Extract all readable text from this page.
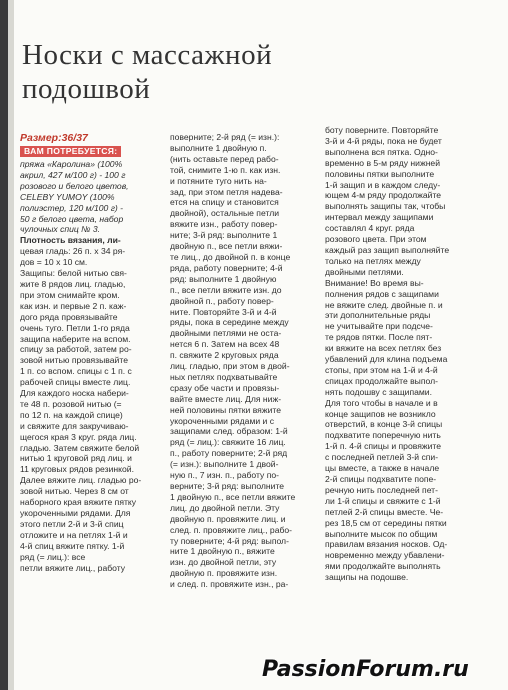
Носки с массажной
подошвой
Размер:36/37
ВАМ ПОТРЕБУЕТСЯ:
пряжа «Каролина» (100%
акрил, 427 м/100 г) - 100 г
розового и белого цветов,
CELEBY YUMOY (100%
полиэстер, 120 м/100 г) -
50 г белого цвета, набор
чулочных спиц № 3.
Плотность вязания, ли-
цевая гладь: 26 п. х 34 ря-
дов = 10 х 10 см.
Защипы: белой нитью свя-
жите 8 рядов лиц. гладью,
при этом снимайте кром.
как изн. и первые 2 п. каж-
дого ряда провязывайте
очень туго. Петли 1-го ряда
защипа наберите на вспом.
спицу за работой, затем ро-
зовой нитью провязывайте
1 п. со вспом. спицы с 1 п. с
рабочей спицы вместе лиц.
Для каждого носка набери-
те 48 п. розовой нитью (=
по 12 п. на каждой спице)
и свяжите для закручиваю-
щегося края 3 круг. ряда лиц.
гладью. Затем свяжите белой
нитью 1 круговой ряд лиц. и
11 круговых рядов резинкой.
Далее вяжите лиц. гладью ро-
зовой нитью. Через 8 см от
наборного края вяжите пятку
укороченными рядами. Для
этого петли 2-й и 3-й спиц
отложите и на петлях 1-й и
4-й спиц вяжите пятку. 1-й
ряд (= лиц.): все
петли вяжите лиц., работу
поверните; 2-й ряд (= изн.):
выполните 1 двойную п.
(нить оставьте перед рабо-
той, снимите 1-ю п. как изн.
и потяните туго нить на-
зад, при этом петля надева-
ется на спицу и становится
двойной), остальные петли
вяжите изн., работу повер-
ните; 3-й ряд: выполните 1
двойную п., все петли вяжи-
те лиц., до двойной п. в конце
ряда, работу поверните; 4-й
ряд: выполните 1 двойную
п., все петли вяжите изн. до
двойной п., работу повер-
ните. Повторяйте 3-й и 4-й
ряды, пока в середине между
двойными петлями не оста-
нется 6 п. Затем на всех 48
п. свяжите 2 круговых ряда
лиц. гладью, при этом в двой-
ных петлях подхватывайте
сразу обе части и провязы-
вайте вместе лиц. Для ниж-
ней половины пятки вяжите
укороченными рядами и с
защипами след. образом: 1-й
ряд (= лиц.): свяжите 16 лиц.
п., работу поверните; 2-й ряд
(= изн.): выполните 1 двой-
ную п., 7 изн. п., работу по-
верните; 3-й ряд: выполните
1 двойную п., все петли вяжите
лиц. до двойной петли. Эту
двойную п. провяжите лиц. и
след. п. провяжите лиц., рабо-
ту поверните; 4-й ряд: выпол-
ните 1 двойную п., вяжите
изн. до двойной петли, эту
двойную п. провяжите изн.
и след. п. провяжите изн., ра-
боту поверните. Повторяйте
3-й и 4-й ряды, пока не будет
выполнена вся пятка. Одно-
временно в 5-м ряду нижней
половины пятки выполните
1-й защип и в каждом следу-
ющем 4-м ряду продолжайте
выполнять защипы так, чтобы
интервал между защипами
составлял 4 круг. ряда
розового цвета. При этом
каждый раз защип выполняйте
только на петлях между
двойными петлями.
Внимание! Во время вы-
полнения рядов с защипами
не вяжите след. двойные п. и
эти дополнительные ряды
не учитывайте при подсче-
те рядов пятки. После пят-
ки вяжите на всех петлях без
убавлений для клина подъема
стопы, при этом на 1-й и 4-й
спицах продолжайте выпол-
нять подошву с защипами.
Для того чтобы в начале и в
конце защипов не возникло
отверстий, в конце 3-й спицы
подхватите поперечную нить
1-й п. 4-й спицы и провяжите
с последней петлей 3-й спи-
цы вместе, а также в начале
2-й спицы подхватите попе-
речную нить последней пет-
ли 1-й спицы и свяжите с 1-й
петлей 2-й спицы вместе. Че-
рез 18,5 см от середины пятки
выполните мысок по общим
правилам вязания носков. Од-
новременно между убавлени-
ями продолжайте выполнять
защипы на подошве.
PassionForum.ru
